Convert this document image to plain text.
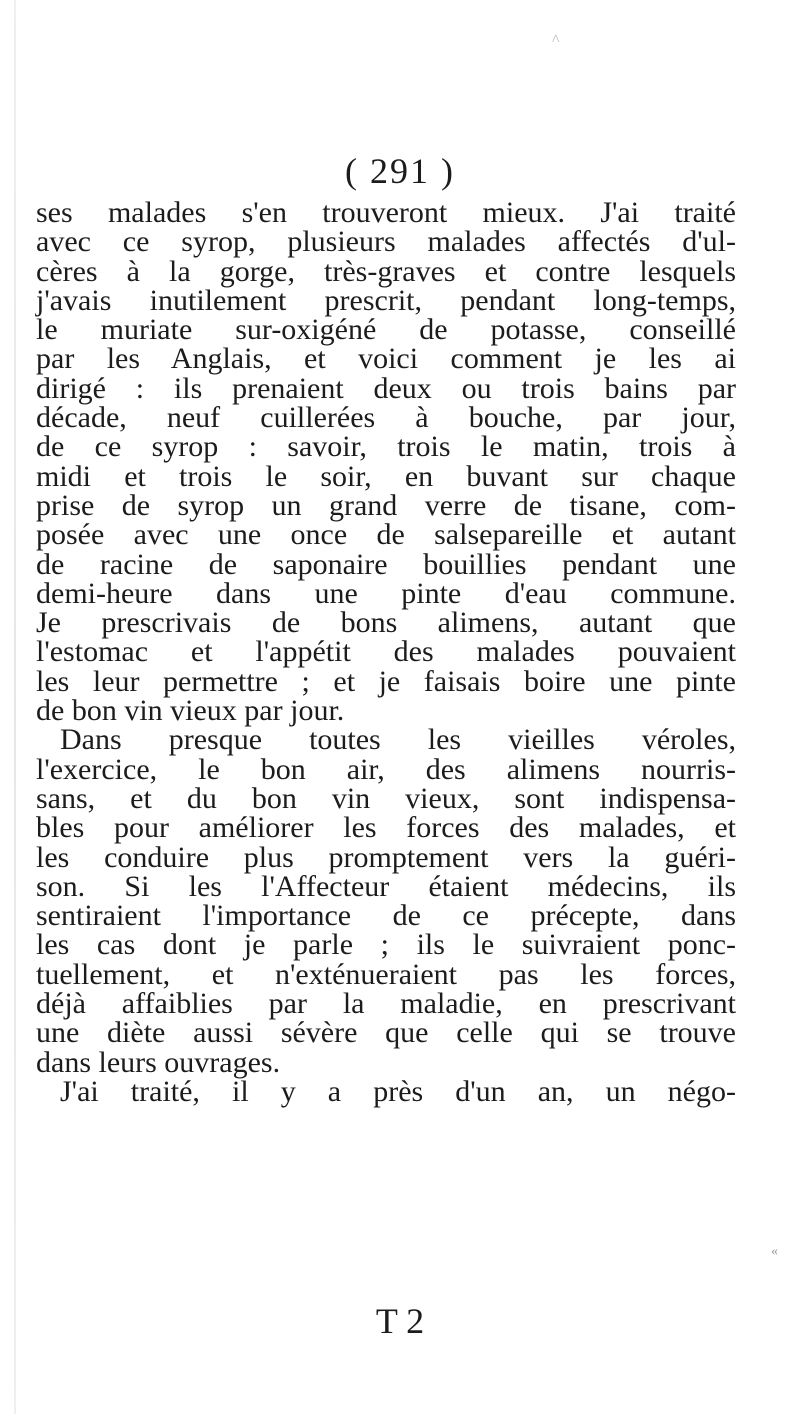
^
«
( 291 )
ses malades s'en trouveront mieux. J'ai traité
avec ce syrop, plusieurs malades affectés d'ul-
cères à la gorge, très-graves et contre lesquels
j'avais inutilement prescrit, pendant long-temps,
le muriate sur-oxigéné de potasse, conseillé
par les Anglais, et voici comment je les ai
dirigé : ils prenaient deux ou trois bains par
décade, neuf cuillerées à bouche, par jour,
de ce syrop : savoir, trois le matin, trois à
midi et trois le soir, en buvant sur chaque
prise de syrop un grand verre de tisane, com-
posée avec une once de salsepareille et autant
de racine de saponaire bouillies pendant une
demi-heure dans une pinte d'eau commune.
Je prescrivais de bons alimens, autant que
l'estomac et l'appétit des malades pouvaient
les leur permettre ; et je faisais boire une pinte
de bon vin vieux par jour.
Dans presque toutes les vieilles véroles,
l'exercice, le bon air, des alimens nourris-
sans, et du bon vin vieux, sont indispensa-
bles pour améliorer les forces des malades, et
les conduire plus promptement vers la guéri-
son. Si les l'Affecteur étaient médecins, ils
sentiraient l'importance de ce précepte, dans
les cas dont je parle ; ils le suivraient ponc-
tuellement, et n'exténueraient pas les forces,
déjà affaiblies par la maladie, en prescrivant
une diète aussi sévère que celle qui se trouve
dans leurs ouvrages.
J'ai traité, il y a près d'un an, un négo-
T 2
